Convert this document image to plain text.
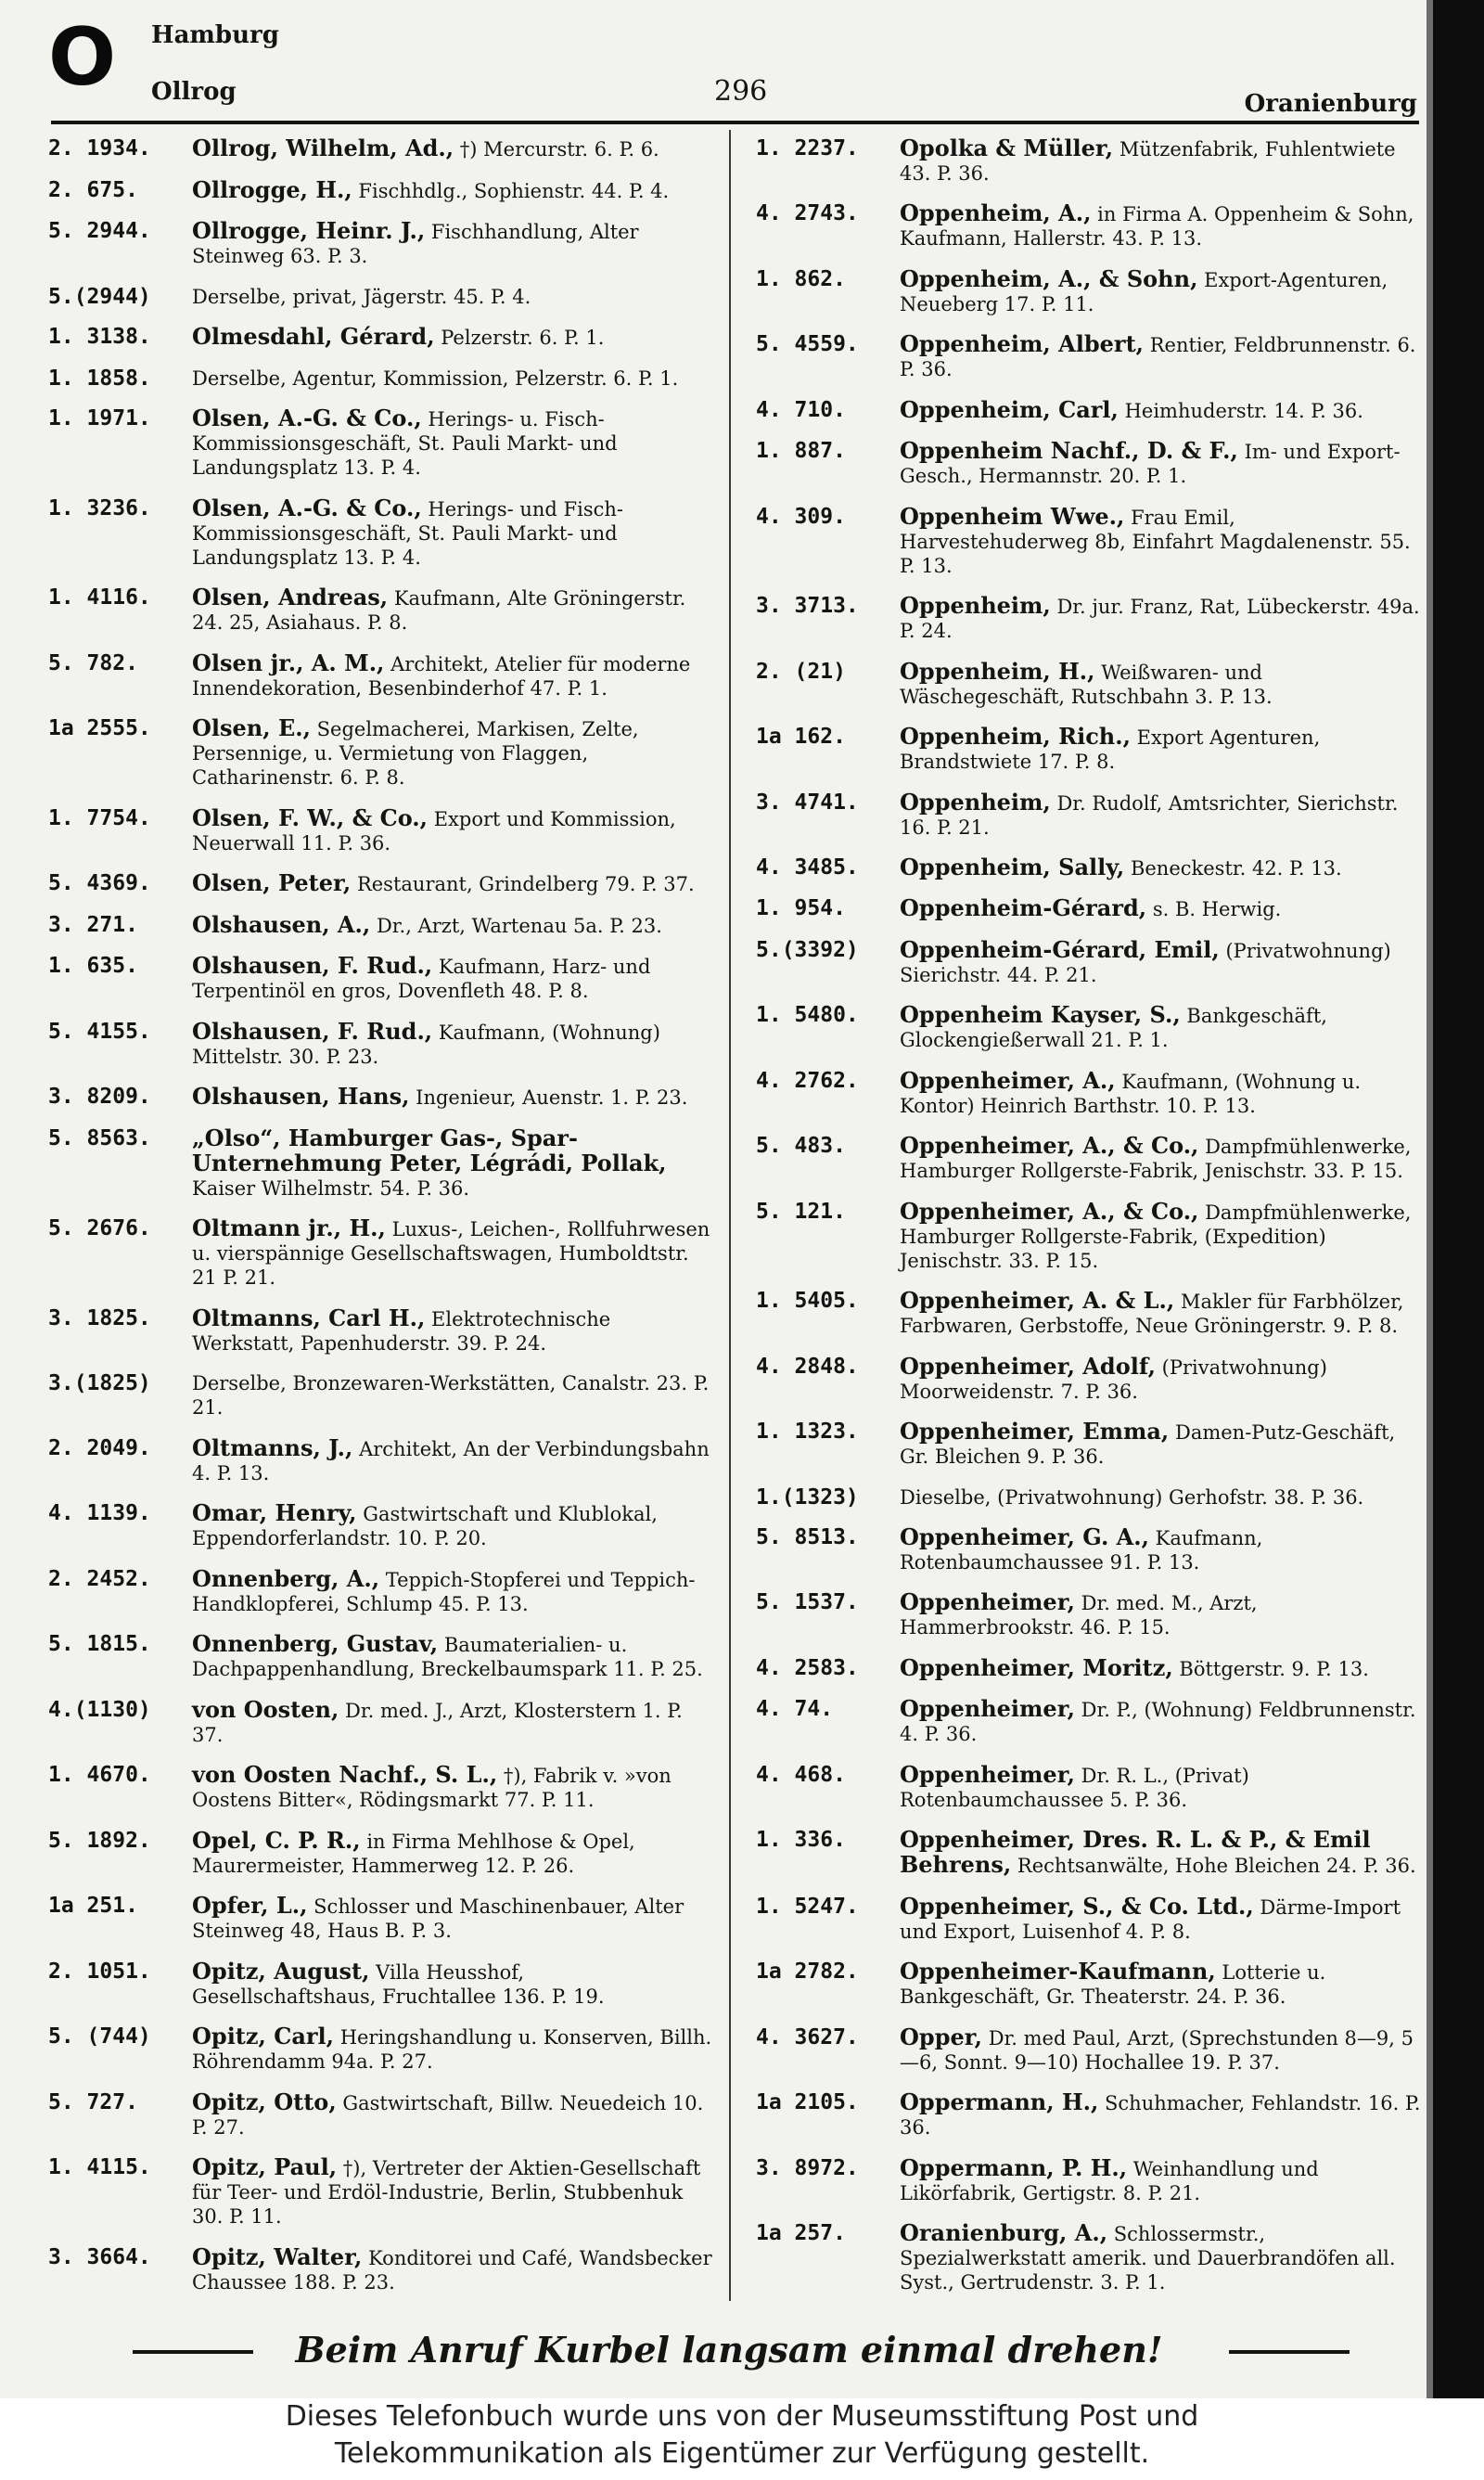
O Hamburg
Ollrog	296	Oranienburg
2. 1934.	Ollrog, Wilhelm, Ad., †) Mercurstr. 6. P. 6.
2. 675.	Ollrogge, H., Fischhdlg., Sophienstr. 44. P. 4.
5. 2944.	Ollrogge, Heinr. J., Fischhandlung, Alter Steinweg 63. P. 3.
5.(2944)	Derselbe, privat, Jägerstr. 45. P. 4.
1. 3138.	Olmesdahl, Gérard, Pelzerstr. 6. P. 1.
1. 1858.	Derselbe, Agentur, Kommission, Pelzerstr. 6. P. 1.
1. 1971.	Olsen, A.-G. & Co., Herings- u. Fisch-Kommissionsgeschäft, St. Pauli Markt- und Landungsplatz 13. P. 4.
1. 3236.	Olsen, A.-G. & Co., Herings- und Fisch-Kommissionsgeschäft, St. Pauli Markt- und Landungsplatz 13. P. 4.
1. 4116.	Olsen, Andreas, Kaufmann, Alte Gröningerstr. 24. 25, Asiahaus. P. 8.
5. 782.	Olsen jr., A. M., Architekt, Atelier für moderne Innendekoration, Besenbinderhof 47. P. 1.
1a 2555.	Olsen, E., Segelmacherei, Markisen, Zelte, Persennige, u. Vermietung von Flaggen, Catharinenstr. 6. P. 8.
1. 7754.	Olsen, F. W., & Co., Export und Kommission, Neuerwall 11. P. 36.
5. 4369.	Olsen, Peter, Restaurant, Grindelberg 79. P. 37.
3. 271.	Olshausen, A., Dr., Arzt, Wartenau 5a. P. 23.
1. 635.	Olshausen, F. Rud., Kaufmann, Harz- und Terpentinöl en gros, Dovenfleth 48. P. 8.
5. 4155.	Olshausen, F. Rud., Kaufmann, (Wohnung) Mittelstr. 30. P. 23.
3. 8209.	Olshausen, Hans, Ingenieur, Auenstr. 1. P. 23.
5. 8563.	„Olso“, Hamburger Gas-, Spar-Unternehmung Peter, Légrádi, Pollak, Kaiser Wilhelmstr. 54. P. 36.
5. 2676.	Oltmann jr., H., Luxus-, Leichen-, Rollfuhrwesen u. vierspännige Gesellschaftswagen, Humboldtstr. 21 P. 21.
3. 1825.	Oltmanns, Carl H., Elektrotechnische Werkstatt, Papenhuderstr. 39. P. 24.
3.(1825)	Derselbe, Bronzewaren-Werkstätten, Canalstr. 23. P. 21.
2. 2049.	Oltmanns, J., Architekt, An der Verbindungsbahn 4. P. 13.
4. 1139.	Omar, Henry, Gastwirtschaft und Klublokal, Eppendorferlandstr. 10. P. 20.
2. 2452.	Onnenberg, A., Teppich-Stopferei und Teppich-Handklopferei, Schlump 45. P. 13.
5. 1815.	Onnenberg, Gustav, Baumaterialien- u. Dachpappenhandlung, Breckelbaumspark 11. P. 25.
4.(1130)	von Oosten, Dr. med. J., Arzt, Klosterstern 1. P. 37.
1. 4670.	von Oosten Nachf., S. L., †), Fabrik v. »von Oostens Bitter«, Rödingsmarkt 77. P. 11.
5. 1892.	Opel, C. P. R., in Firma Mehlhose & Opel, Maurermeister, Hammerweg 12. P. 26.
1a 251.	Opfer, L., Schlosser und Maschinenbauer, Alter Steinweg 48, Haus B. P. 3.
2. 1051.	Opitz, August, Villa Heusshof, Gesellschaftshaus, Fruchtallee 136. P. 19.
5. (744)	Opitz, Carl, Heringshandlung u. Konserven, Billh. Röhrendamm 94a. P. 27.
5. 727.	Opitz, Otto, Gastwirtschaft, Billw. Neuedeich 10. P. 27.
1. 4115.	Opitz, Paul, †), Vertreter der Aktien-Gesellschaft für Teer- und Erdöl-Industrie, Berlin, Stubbenhuk 30. P. 11.
3. 3664.	Opitz, Walter, Konditorei und Café, Wandsbecker Chaussee 188. P. 23.
1. 2237.	Opolka & Müller, Mützenfabrik, Fuhlentwiete 43. P. 36.
4. 2743.	Oppenheim, A., in Firma A. Oppenheim & Sohn, Kaufmann, Hallerstr. 43. P. 13.
1. 862.	Oppenheim, A., & Sohn, Export-Agenturen, Neueberg 17. P. 11.
5. 4559.	Oppenheim, Albert, Rentier, Feldbrunnenstr. 6. P. 36.
4. 710.	Oppenheim, Carl, Heimhuderstr. 14. P. 36.
1. 887.	Oppenheim Nachf., D. & F., Im- und Export-Gesch., Hermannstr. 20. P. 1.
4. 309.	Oppenheim Wwe., Frau Emil, Harvestehuderweg 8b, Einfahrt Magdalenenstr. 55. P. 13.
3. 3713.	Oppenheim, Dr. jur. Franz, Rat, Lübeckerstr. 49a. P. 24.
2. (21)	Oppenheim, H., Weißwaren- und Wäschegeschäft, Rutschbahn 3. P. 13.
1a 162.	Oppenheim, Rich., Export Agenturen, Brandstwiete 17. P. 8.
3. 4741.	Oppenheim, Dr. Rudolf, Amtsrichter, Sierichstr. 16. P. 21.
4. 3485.	Oppenheim, Sally, Beneckestr. 42. P. 13.
1. 954.	Oppenheim-Gérard, s. B. Herwig.
5.(3392)	Oppenheim-Gérard, Emil, (Privatwohnung) Sierichstr. 44. P. 21.
1. 5480.	Oppenheim Kayser, S., Bankgeschäft, Glockengießerwall 21. P. 1.
4. 2762.	Oppenheimer, A., Kaufmann, (Wohnung u. Kontor) Heinrich Barthstr. 10. P. 13.
5. 483.	Oppenheimer, A., & Co., Dampfmühlenwerke, Hamburger Rollgerste-Fabrik, Jenischstr. 33. P. 15.
5. 121.	Oppenheimer, A., & Co., Dampfmühlenwerke, Hamburger Rollgerste-Fabrik, (Expedition) Jenischstr. 33. P. 15.
1. 5405.	Oppenheimer, A. & L., Makler für Farbhölzer, Farbwaren, Gerbstoffe, Neue Gröningerstr. 9. P. 8.
4. 2848.	Oppenheimer, Adolf, (Privatwohnung) Moorweidenstr. 7. P. 36.
1. 1323.	Oppenheimer, Emma, Damen-Putz-Geschäft, Gr. Bleichen 9. P. 36.
1.(1323)	Dieselbe, (Privatwohnung) Gerhofstr. 38. P. 36.
5. 8513.	Oppenheimer, G. A., Kaufmann, Rotenbaumchaussee 91. P. 13.
5. 1537.	Oppenheimer, Dr. med. M., Arzt, Hammerbrookstr. 46. P. 15.
4. 2583.	Oppenheimer, Moritz, Böttgerstr. 9. P. 13.
4. 74.	Oppenheimer, Dr. P., (Wohnung) Feldbrunnenstr. 4. P. 36.
4. 468.	Oppenheimer, Dr. R. L., (Privat) Rotenbaumchaussee 5. P. 36.
1. 336.	Oppenheimer, Dres. R. L. & P., & Emil Behrens, Rechtsanwälte, Hohe Bleichen 24. P. 36.
1. 5247.	Oppenheimer, S., & Co. Ltd., Därme-Import und Export, Luisenhof 4. P. 8.
1a 2782.	Oppenheimer-Kaufmann, Lotterie u. Bankgeschäft, Gr. Theaterstr. 24. P. 36.
4. 3627.	Opper, Dr. med Paul, Arzt, (Sprechstunden 8—9, 5—6, Sonnt. 9—10) Hochallee 19. P. 37.
1a 2105.	Oppermann, H., Schuhmacher, Fehlandstr. 16. P. 36.
3. 8972.	Oppermann, P. H., Weinhandlung und Likörfabrik, Gertigstr. 8. P. 21.
1a 257.	Oranienburg, A., Schlossermstr., Spezialwerkstatt amerik. und Dauerbrandöfen all. Syst., Gertrudenstr. 3. P. 1.
Beim Anruf Kurbel langsam einmal drehen!
Dieses Telefonbuch wurde uns von der Museumsstiftung Post und
Telekommunikation als Eigentümer zur Verfügung gestellt.
